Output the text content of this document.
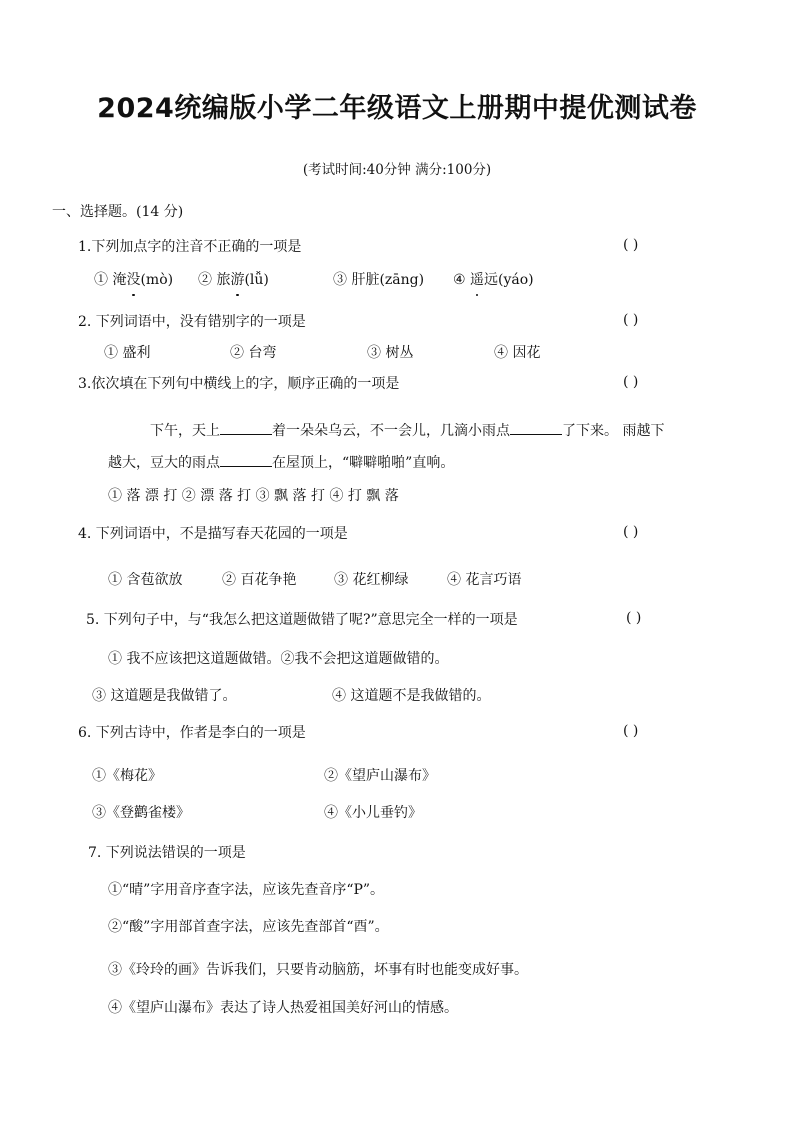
2024统编版小学二年级语文上册期中提优测试卷
(考试时间:40分钟 满分:100分)
一、选择题。(14 分)
1.下列加点字的注音不正确的一项是	( )
① 淹没(mò) ② 旅游(lǚ)	③ 肝脏(zāng) ④ 遥远(yáo)
2. 下列词语中，没有错别字的一项是	( )
① 盛利	② 台弯	③ 树丛	④ 因花
3.依次填在下列句中横线上的字，顺序正确的一项是	( )
下午，天上	着一朵朵乌云，不一会儿，几滴小雨点	了下来。 雨越下
越大，豆大的雨点	在屋顶上，“噼噼啪啪”直响。
① 落 漂 打 ② 漂 落 打 ③ 飘 落 打 ④ 打 飘 落
4. 下列词语中，不是描写春天花园的一项是	( )
① 含苞欲放	② 百花争艳	③ 花红柳绿	④ 花言巧语
5. 下列句子中，与“我怎么把这道题做错了呢?”意思完全一样的一项是	( )
① 我不应该把这道题做错。②我不会把这道题做错的。
③ 这道题是我做错了。	④ 这道题不是我做错的。
6. 下列古诗中，作者是李白的一项是	( )
①《梅花》	②《望庐山瀑布》
③《登鹳雀楼》	④《小儿垂钓》
7. 下列说法错误的一项是
①“晴”字用音序查字法，应该先查音序“P”。
②“酸”字用部首查字法，应该先查部首“酉”。
③《玲玲的画》告诉我们，只要肯动脑筋，坏事有时也能变成好事。
④《望庐山瀑布》表达了诗人热爱祖国美好河山的情感。
